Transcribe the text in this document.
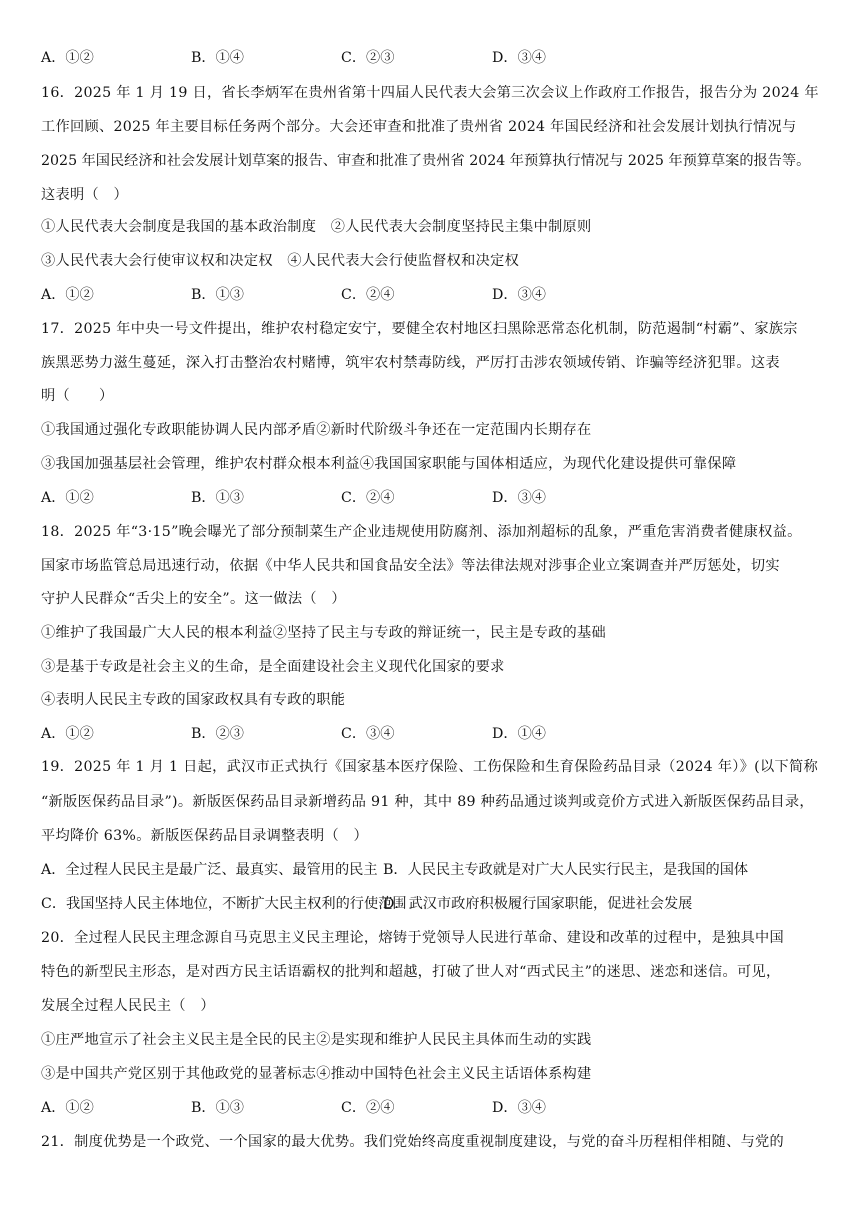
A．①②	B．①④	C．②③	D．③④
16．2025 年 1 月 19 日，省长李炳军在贵州省第十四届人民代表大会第三次会议上作政府工作报告，报告分为 2024 年
工作回顾、2025 年主要目标任务两个部分。大会还审查和批准了贵州省 2024 年国民经济和社会发展计划执行情况与
2025 年国民经济和社会发展计划草案的报告、审查和批准了贵州省 2024 年预算执行情况与 2025 年预算草案的报告等。
这表明（　）
①人民代表大会制度是我国的基本政治制度　②人民代表大会制度坚持民主集中制原则
③人民代表大会行使审议权和决定权　④人民代表大会行使监督权和决定权
A．①②	B．①③	C．②④	D．③④
17．2025 年中央一号文件提出，维护农村稳定安宁，要健全农村地区扫黑除恶常态化机制，防范遏制“村霸”、家族宗
族黑恶势力滋生蔓延，深入打击整治农村赌博，筑牢农村禁毒防线，严厉打击涉农领域传销、诈骗等经济犯罪。这表
明（　　）
①我国通过强化专政职能协调人民内部矛盾②新时代阶级斗争还在一定范围内长期存在
③我国加强基层社会管理，维护农村群众根本利益④我国国家职能与国体相适应，为现代化建设提供可靠保障
A．①②	B．①③	C．②④	D．③④
18．2025 年“3·15”晚会曝光了部分预制菜生产企业违规使用防腐剂、添加剂超标的乱象，严重危害消费者健康权益。
国家市场监管总局迅速行动，依据《中华人民共和国食品安全法》等法律法规对涉事企业立案调查并严厉惩处，切实
守护人民群众“舌尖上的安全”。这一做法（　）
①维护了我国最广大人民的根本利益②坚持了民主与专政的辩证统一，民主是专政的基础
③是基于专政是社会主义的生命，是全面建设社会主义现代化国家的要求
④表明人民民主专政的国家政权具有专政的职能
A．①②	B．②③	C．③④	D．①④
19．2025 年 1 月 1 日起，武汉市正式执行《国家基本医疗保险、工伤保险和生育保险药品目录（2024 年）》(以下简称
“新版医保药品目录”)。新版医保药品目录新增药品 91 种，其中 89 种药品通过谈判或竞价方式进入新版医保药品目录，
平均降价 63%。新版医保药品目录调整表明（　）
A．全过程人民民主是最广泛、最真实、最管用的民主 B．人民民主专政就是对广大人民实行民主，是我国的国体
C．我国坚持人民主体地位，不断扩大民主权利的行使范围
D．武汉市政府积极履行国家职能，促进社会发展
20．全过程人民民主理念源自马克思主义民主理论，熔铸于党领导人民进行革命、建设和改革的过程中，是独具中国
特色的新型民主形态，是对西方民主话语霸权的批判和超越，打破了世人对“西式民主”的迷思、迷恋和迷信。可见，
发展全过程人民民主（　）
①庄严地宣示了社会主义民主是全民的民主②是实现和维护人民民主具体而生动的实践
③是中国共产党区别于其他政党的显著标志④推动中国特色社会主义民主话语体系构建
A．①②	B．①③	C．②④	D．③④
21．制度优势是一个政党、一个国家的最大优势。我们党始终高度重视制度建设，与党的奋斗历程相伴相随、与党的
